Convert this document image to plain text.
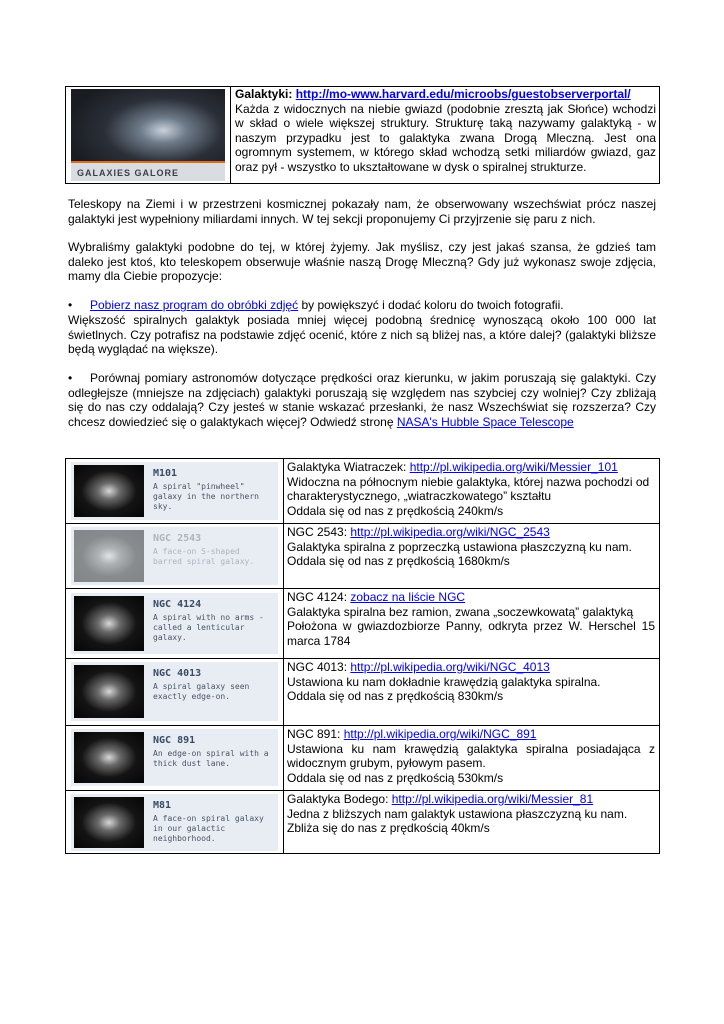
GALAXIES GALORE
Galaktyki: http://mo-www.harvard.edu/microobs/guestobserverportal/
Każda z widocznych na niebie gwiazd (podobnie zresztą jak Słońce) wchodzi w skład o wiele większej struktury. Strukturę taką nazywamy galaktyką - w naszym przypadku jest to galaktyka zwana Drogą Mleczną. Jest ona ogromnym systemem, w którego skład wchodzą setki miliardów gwiazd, gaz oraz pył - wszystko to ukształtowane w dysk o spiralnej strukturze.
Teleskopy na Ziemi i w przestrzeni kosmicznej pokazały nam, że obserwowany wszechświat prócz naszej galaktyki jest wypełniony miliardami innych. W tej sekcji proponujemy Ci przyjrzenie się paru z nich.
Wybraliśmy galaktyki podobne do tej, w której żyjemy. Jak myślisz, czy jest jakaś szansa, że gdzieś tam daleko jest ktoś, kto teleskopem obserwuje właśnie naszą Drogę Mleczną? Gdy już wykonasz swoje zdjęcia, mamy dla Ciebie propozycje:
• Pobierz nasz program do obróbki zdjęć by powiększyć i dodać koloru do twoich fotografii.
Większość spiralnych galaktyk posiada mniej więcej podobną średnicę wynoszącą około 100 000 lat świetlnych. Czy potrafisz na podstawie zdjęć ocenić, które z nich są bliżej nas, a które dalej? (galaktyki bliższe będą wyglądać na większe).
• Porównaj pomiary astronomów dotyczące prędkości oraz kierunku, w jakim poruszają się galaktyki. Czy odległejsze (mniejsze na zdjęciach) galaktyki poruszają się względem nas szybciej czy wolniej? Czy zbliżają się do nas czy oddalają? Czy jesteś w stanie wskazać przesłanki, że nasz Wszechświat się rozszerza? Czy chcesz dowiedzieć się o galaktykach więcej? Odwiedź stronę NASA's Hubble Space Telescope
M101
A spiral "pinwheel" galaxy in the northern sky.
Galaktyka Wiatraczek: http://pl.wikipedia.org/wiki/Messier_101
Widoczna na północnym niebie galaktyka, której nazwa pochodzi od charakterystycznego, „wiatraczkowatego” kształtu
Oddala się od nas z prędkością 240km/s
NGC 2543
A face-on S-shaped barred spiral galaxy.
NGC 2543: http://pl.wikipedia.org/wiki/NGC_2543
Galaktyka spiralna z poprzeczką ustawiona płaszczyzną ku nam.
Oddala się od nas z prędkością 1680km/s
NGC 4124
A spiral with no arms - called a lenticular galaxy.
NGC 4124: zobacz na liście NGC
Galaktyka spiralna bez ramion, zwana „soczewkowatą” galaktyką
Położona w gwiazdozbiorze Panny, odkryta przez W. Herschel 15 marca 1784
NGC 4013
A spiral galaxy seen exactly edge-on.
NGC 4013: http://pl.wikipedia.org/wiki/NGC_4013
Ustawiona ku nam dokładnie krawędzią galaktyka spiralna.
Oddala się od nas z prędkością 830km/s
NGC 891
An edge-on spiral with a thick dust lane.
NGC 891: http://pl.wikipedia.org/wiki/NGC_891
Ustawiona ku nam krawędzią galaktyka spiralna posiadająca z widocznym grubym, pyłowym pasem.
Oddala się od nas z prędkością 530km/s
M81
A face-on spiral galaxy in our galactic neighborhood.
Galaktyka Bodego: http://pl.wikipedia.org/wiki/Messier_81
Jedna z bliższych nam galaktyk ustawiona płaszczyzną ku nam.
Zbliża się do nas z prędkością 40km/s
